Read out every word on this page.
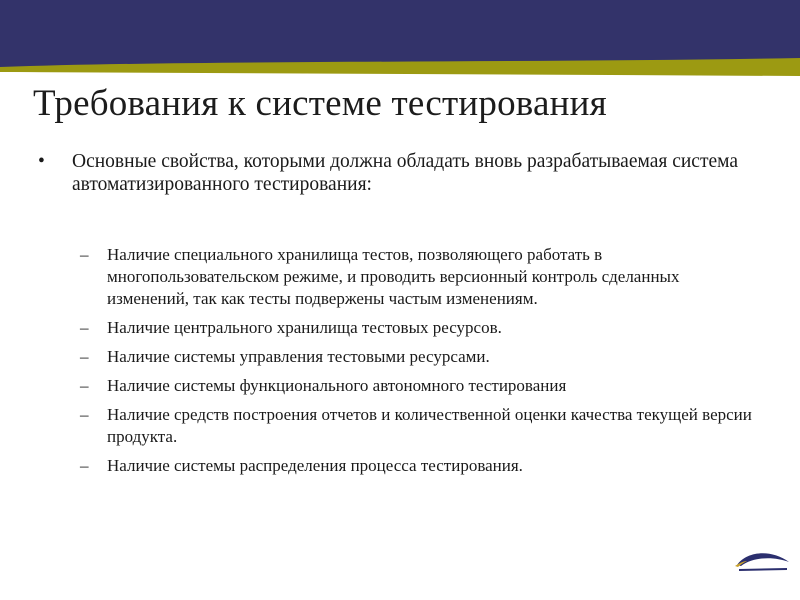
Требования к системе тестирования
• Основные свойства, которыми должна обладать вновь разрабатываемая система автоматизированного тестирования:
– Наличие специального хранилища тестов, позволяющего работать в многопользовательском режиме, и проводить версионный контроль сделанных изменений, так как тесты подвержены частым изменениям.
– Наличие центрального хранилища тестовых ресурсов.
– Наличие системы управления тестовыми ресурсами.
– Наличие системы функционального автономного тестирования
– Наличие средств построения отчетов и количественной оценки качества текущей версии продукта.
– Наличие системы распределения процесса тестирования.
